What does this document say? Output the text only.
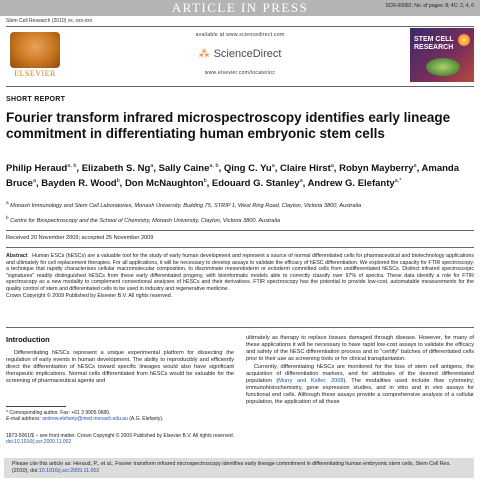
ARTICLE IN PRESS	SCR-00082; No. of pages: 8; 4C: 2, 4, 6
Stem Cell Research (2010) xx, xxx-xxx
ELSEVIER
available at www.sciencedirect.com
⁂ ScienceDirect
www.elsevier.com/locate/scr
STEM CELL RESEARCH
SHORT REPORT
Fourier transform infrared microspectroscopy identifies early lineage commitment in differentiating human embryonic stem cells
Philip Heraud$^{a, b}$, Elizabeth S. Ng$^a$, Sally Caine$^{a, b}$, Qing C. Yu$^a$, Claire Hirst$^a$, Robyn Mayberry$^a$, Amanda Bruce$^a$, Bayden R. Wood$^b$, Don McNaughton$^b$, Edouard G. Stanley$^a$, Andrew G. Elefanty$^{a,*}$
$^a$ Monash Immunology and Stem Cell Laboratories, Monash University, Building 75, STRIP 1, West Ring Road, Clayton, Victoria 3800, Australia
$^b$ Centre for Biospectroscopy and the School of Chemistry, Monash University, Clayton, Victoria 3800, Australia
Received 20 November 2009; accepted 25 November 2009
Abstract Human ESCs (hESCs) are a valuable tool for the study of early human development and represent a source of normal differentiated cells for pharmaceutical and biotechnology applications and ultimately for cell replacement therapies. For all applications, it will be necessary to develop assays to validate the efficacy of hESC differentiation. We explored the capacity for FTIR spectroscopy, a technique that rapidly characterises cellular macromolecular composition, to discriminate mesendoderm or ectoderm committed cells from undifferentiated hESCs. Distinct infrared spectroscopic "signatures" readily distinguished hESCs from these early differentiated progeny, with bioinformatic models able to correctly classify over 97% of spectra. These data identify a role for FTIR spectroscopy as a new modality to complement conventional analyses of hESCs and their derivatives. FTIR spectroscopy has the potential to provide low-cost, automatable measurements for the quality control of stem and differentiated cells to be used in industry and regenerative medicine.
Crown Copyright © 2009 Published by Elsevier B.V. All rights reserved.
Introduction

Differentiating hESCs represent a unique experimental platform for dissecting the regulation of early events in human development. The ability to reproducibly and efficiently direct the differentiation of hESCs toward specific lineages would also have significant therapeutic implications. Normal cells differentiated from hESCs would be valuable for the screening of pharmaceutical agents and

ultimately as therapy to replace tissues damaged through disease. However, for many of these applications it will be necessary to have rapid low-cost assays to validate the efficacy and safety of the hESC differentiation process and to "certify" batches of differentiated cells prior to their use as screening tools or for clinical transplantation.

Currently, differentiating hESCs are monitored for the loss of stem cell antigens, the acquisition of differentiation markers, and for attributes of the desired differentiated population (Murry and Keller, 2008). The modalities used include flow cytometry, immunohistochemistry, gene expression studies, and in vitro and in vivo assays for functional end cells. Although these assays provide a comprehensive analysis of a cellular population, the application of all these

* Corresponding author. Fax: +61 3 9905 0680.
E-mail address: andrew.elefanty@med.monash.edu.au (A.G. Elefanty).
1873-5061/$ – see front matter. Crown Copyright © 2009 Published by Elsevier B.V. All rights reserved.
doi:10.1016/j.scr.2009.11.002
Please cite this article as: Heraud, P., et al., Fourier transform infrared microspectroscopy identifies early lineage commitment in differentiating human embryonic stem cells, Stem Cell Res. (2010), doi:10.1016/j.scr.2009.11.002
